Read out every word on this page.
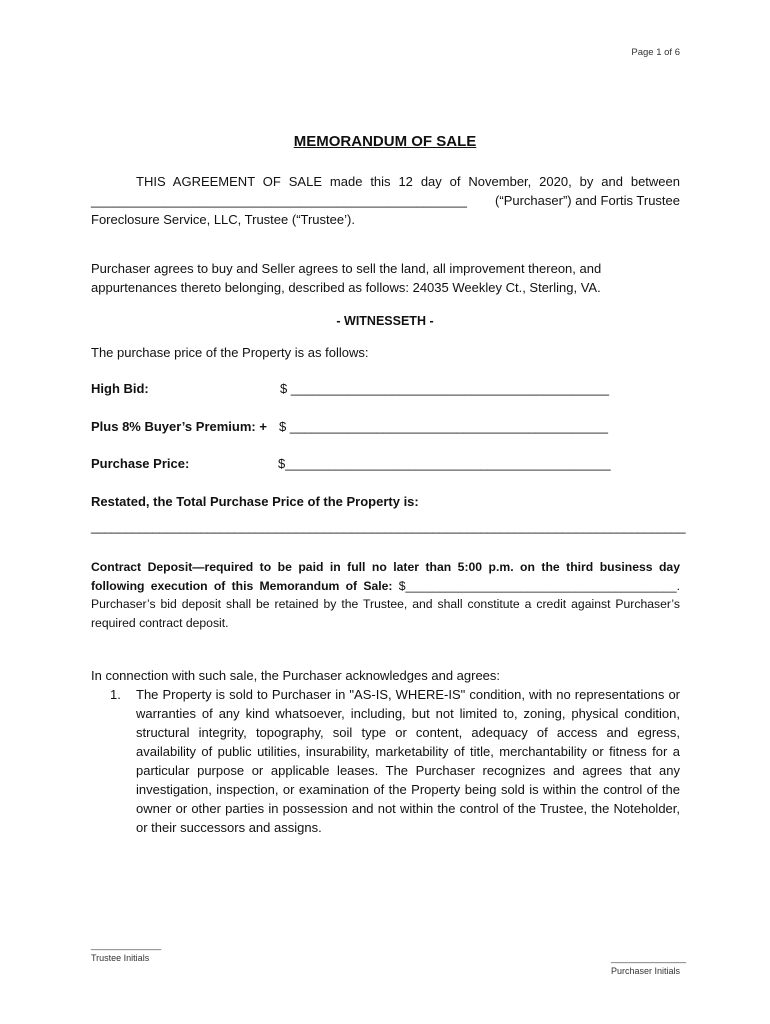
Page 1 of 6
MEMORANDUM OF SALE
THIS AGREEMENT OF SALE made this 12 day of November, 2020, by and between
____________________________________________________ (“Purchaser”) and Fortis Trustee
Foreclosure Service, LLC, Trustee (“Trustee’).
Purchaser agrees to buy and Seller agrees to sell the land, all improvement thereon, and appurtenances thereto belonging, described as follows: 24035 Weekley Ct., Sterling, VA.
- WITNESSETH -
The purchase price of the Property is as follows:
High Bid:	$ ____________________________________________
Plus 8% Buyer’s Premium: + $ ____________________________________________
Purchase Price:	$_____________________________________________
Restated, the Total Purchase Price of the Property is:
_______________________________________________________________________________________
Contract Deposit—required to be paid in full no later than 5:00 p.m. on the third business day following execution of this Memorandum of Sale: $________________________________________. Purchaser’s bid deposit shall be retained by the Trustee, and shall constitute a credit against Purchaser’s required contract deposit.
In connection with such sale, the Purchaser acknowledges and agrees:
1. The Property is sold to Purchaser in "AS-IS, WHERE-IS" condition, with no representations or warranties of any kind whatsoever, including, but not limited to, zoning, physical condition, structural integrity, topography, soil type or content, adequacy of access and egress, availability of public utilities, insurability, marketability of title, merchantability or fitness for a particular purpose or applicable leases. The Purchaser recognizes and agrees that any investigation, inspection, or examination of the Property being sold is within the control of the owner or other parties in possession and not within the control of the Trustee, the Noteholder, or their successors and assigns.
______________
Trustee Initials	_______________
Purchaser Initials
